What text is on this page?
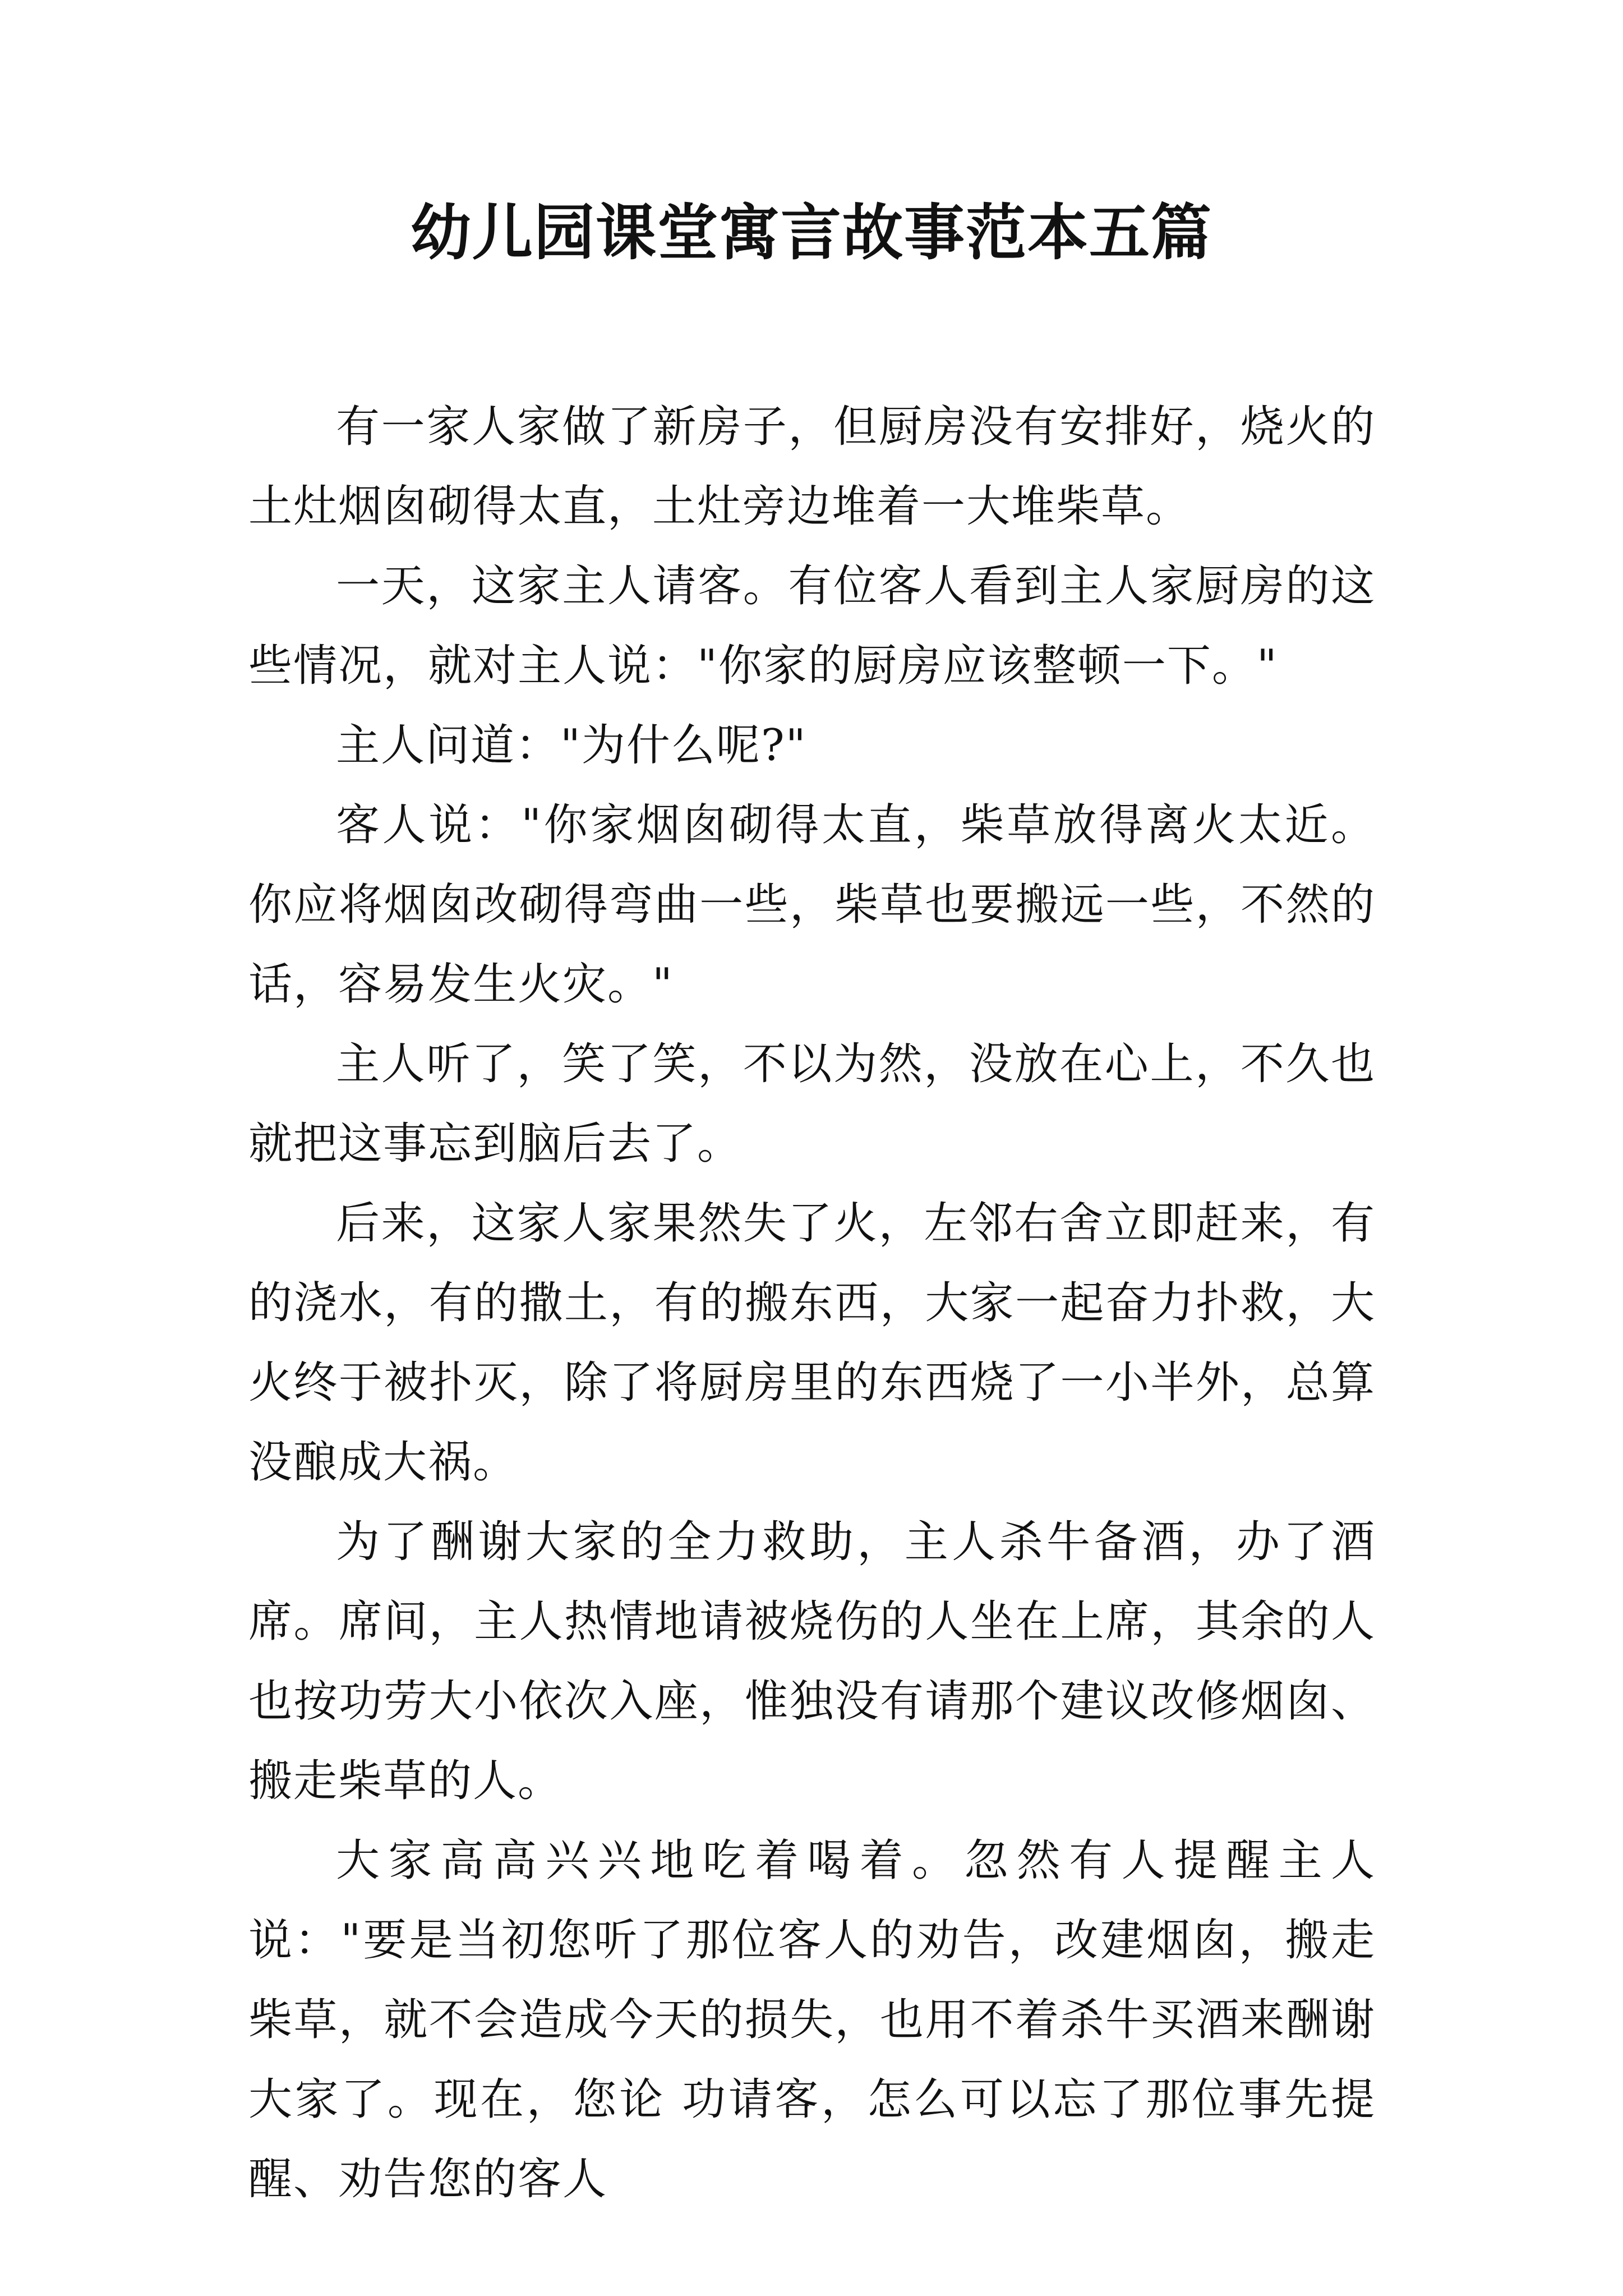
幼儿园课堂寓言故事范本五篇

有一家人家做了新房子，但厨房没有安排好，烧火的土灶烟囱砌得太直，土灶旁边堆着一大堆柴草。

一天，这家主人请客。有位客人看到主人家厨房的这些情况，就对主人说："你家的厨房应该整顿一下。"

主人问道："为什么呢?"

客人说："你家烟囱砌得太直，柴草放得离火太近。你应将烟囱改砌得弯曲一些，柴草也要搬远一些，不然的话，容易发生火灾。"

主人听了，笑了笑，不以为然，没放在心上，不久也就把这事忘到脑后去了。

后来，这家人家果然失了火，左邻右舍立即赶来，有的浇水，有的撒土，有的搬东西，大家一起奋力扑救，大火终于被扑灭，除了将厨房里的东西烧了一小半外，总算没酿成大祸。

为了酬谢大家的全力救助，主人杀牛备酒，办了酒席。席间，主人热情地请被烧伤的人坐在上席，其余的人也按功劳大小依次入座，惟独没有请那个建议改修烟囱、搬走柴草的人。

大家高高兴兴地吃着喝着。忽然有人提醒主人说："要是当初您听了那位客人的劝告，改建烟囱，搬走柴草，就不会造成今天的损失，也用不着杀牛买酒来酬谢大家了。现在，您论 功请客，怎么可以忘了那位事先提醒、劝告您的客人
